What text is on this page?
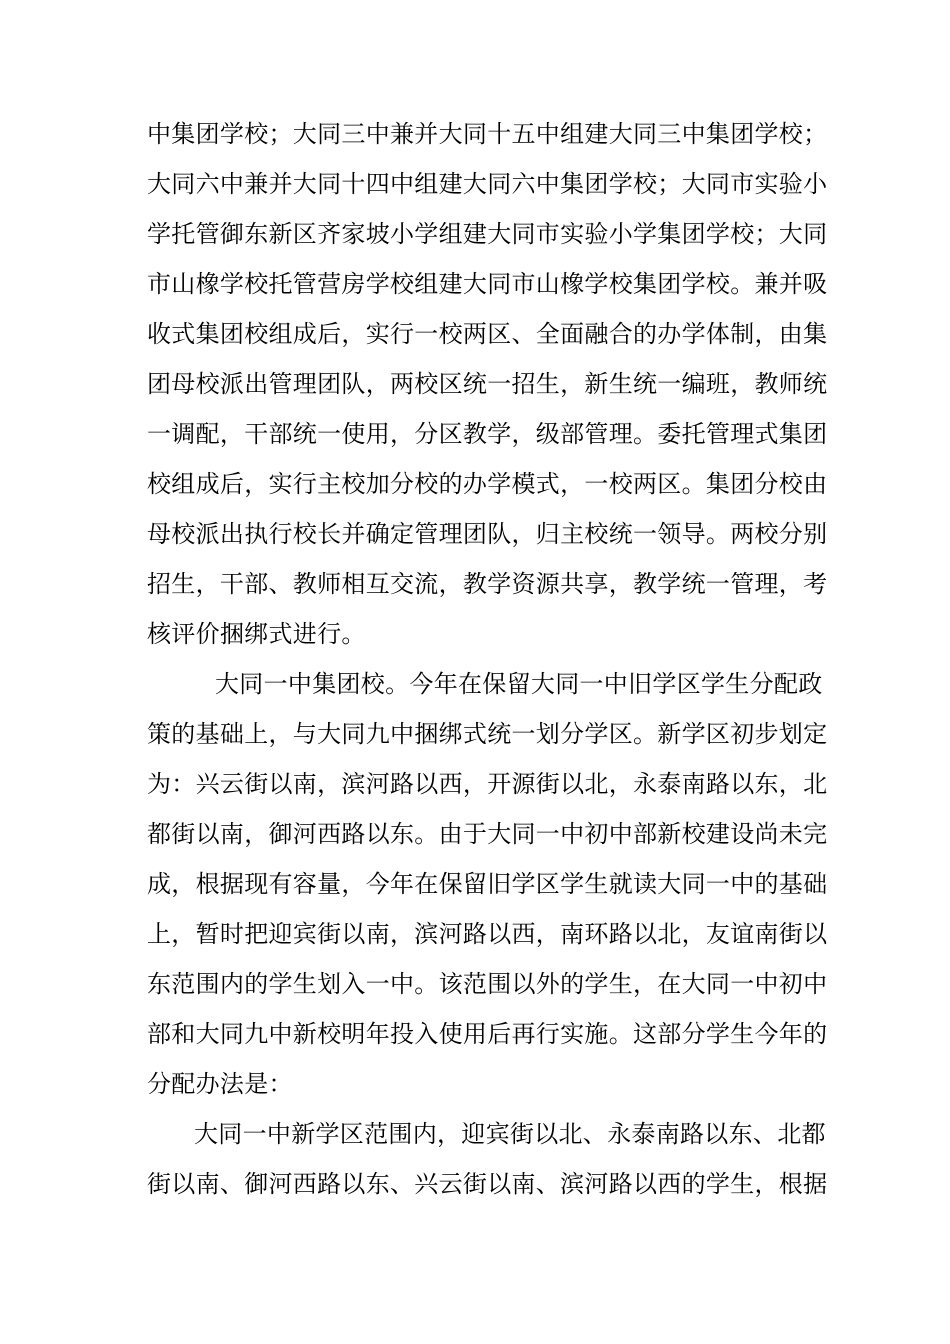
中集团学校；大同三中兼并大同十五中组建大同三中集团学校；
大同六中兼并大同十四中组建大同六中集团学校；大同市实验小
学托管御东新区齐家坡小学组建大同市实验小学集团学校；大同
市山橡学校托管营房学校组建大同市山橡学校集团学校。兼并吸
收式集团校组成后，实行一校两区、全面融合的办学体制，由集
团母校派出管理团队，两校区统一招生，新生统一编班，教师统
一调配，干部统一使用，分区教学，级部管理。委托管理式集团
校组成后，实行主校加分校的办学模式，一校两区。集团分校由
母校派出执行校长并确定管理团队，归主校统一领导。两校分别
招生，干部、教师相互交流，教学资源共享，教学统一管理，考
核评价捆绑式进行。
大同一中集团校。今年在保留大同一中旧学区学生分配政
策的基础上，与大同九中捆绑式统一划分学区。新学区初步划定
为：兴云街以南，滨河路以西，开源街以北，永泰南路以东，北
都街以南，御河西路以东。由于大同一中初中部新校建设尚未完
成，根据现有容量，今年在保留旧学区学生就读大同一中的基础
上，暂时把迎宾街以南，滨河路以西，南环路以北，友谊南街以
东范围内的学生划入一中。该范围以外的学生，在大同一中初中
部和大同九中新校明年投入使用后再行实施。这部分学生今年的
分配办法是：
大同一中新学区范围内，迎宾街以北、永泰南路以东、北都
街以南、御河西路以东、兴云街以南、滨河路以西的学生，根据
